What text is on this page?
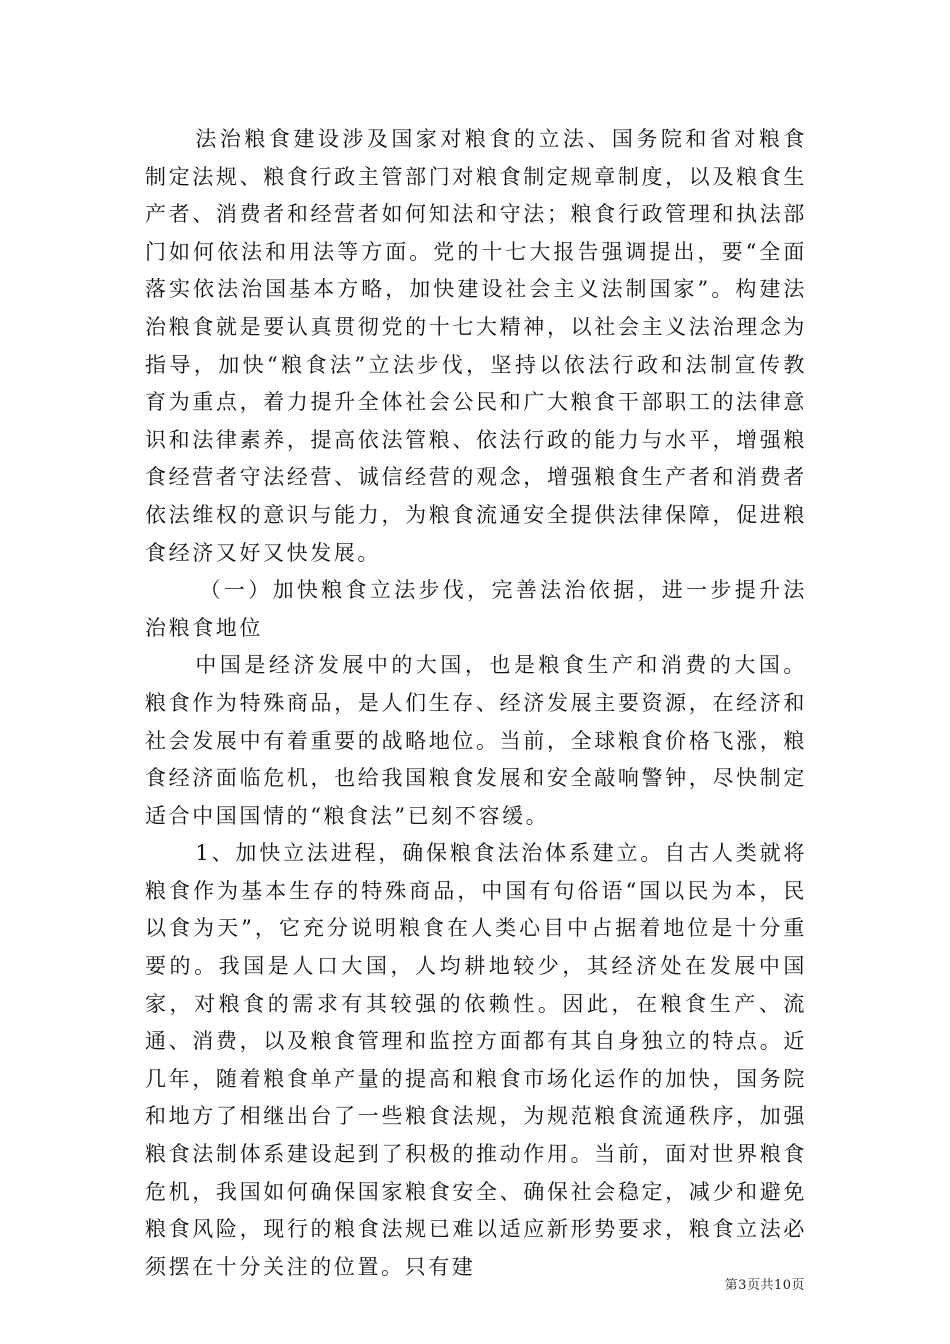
法治粮食建设涉及国家对粮食的立法、国务院和省对粮食制定法规、粮食行政主管部门对粮食制定规章制度，以及粮食生产者、消费者和经营者如何知法和守法；粮食行政管理和执法部门如何依法和用法等方面。党的十七大报告强调提出，要“全面落实依法治国基本方略，加快建设社会主义法制国家”。构建法治粮食就是要认真贯彻党的十七大精神，以社会主义法治理念为指导，加快“粮食法”立法步伐，坚持以依法行政和法制宣传教育为重点，着力提升全体社会公民和广大粮食干部职工的法律意识和法律素养，提高依法管粮、依法行政的能力与水平，增强粮食经营者守法经营、诚信经营的观念，增强粮食生产者和消费者依法维权的意识与能力，为粮食流通安全提供法律保障，促进粮食经济又好又快发展。

（一）加快粮食立法步伐，完善法治依据，进一步提升法治粮食地位

中国是经济发展中的大国，也是粮食生产和消费的大国。粮食作为特殊商品，是人们生存、经济发展主要资源，在经济和社会发展中有着重要的战略地位。当前，全球粮食价格飞涨，粮食经济面临危机，也给我国粮食发展和安全敲响警钟，尽快制定适合中国国情的“粮食法”已刻不容缓。

1、加快立法进程，确保粮食法治体系建立。自古人类就将粮食作为基本生存的特殊商品，中国有句俗语“国以民为本，民以食为天”，它充分说明粮食在人类心目中占据着地位是十分重要的。我国是人口大国，人均耕地较少，其经济处在发展中国家，对粮食的需求有其较强的依赖性。因此，在粮食生产、流通、消费，以及粮食管理和监控方面都有其自身独立的特点。近几年，随着粮食单产量的提高和粮食市场化运作的加快，国务院和地方了相继出台了一些粮食法规，为规范粮食流通秩序，加强粮食法制体系建设起到了积极的推动作用。当前，面对世界粮食危机，我国如何确保国家粮食安全、确保社会稳定，减少和避免粮食风险，现行的粮食法规已难以适应新形势要求，粮食立法必须摆在十分关注的位置。只有建

第3页共10页
